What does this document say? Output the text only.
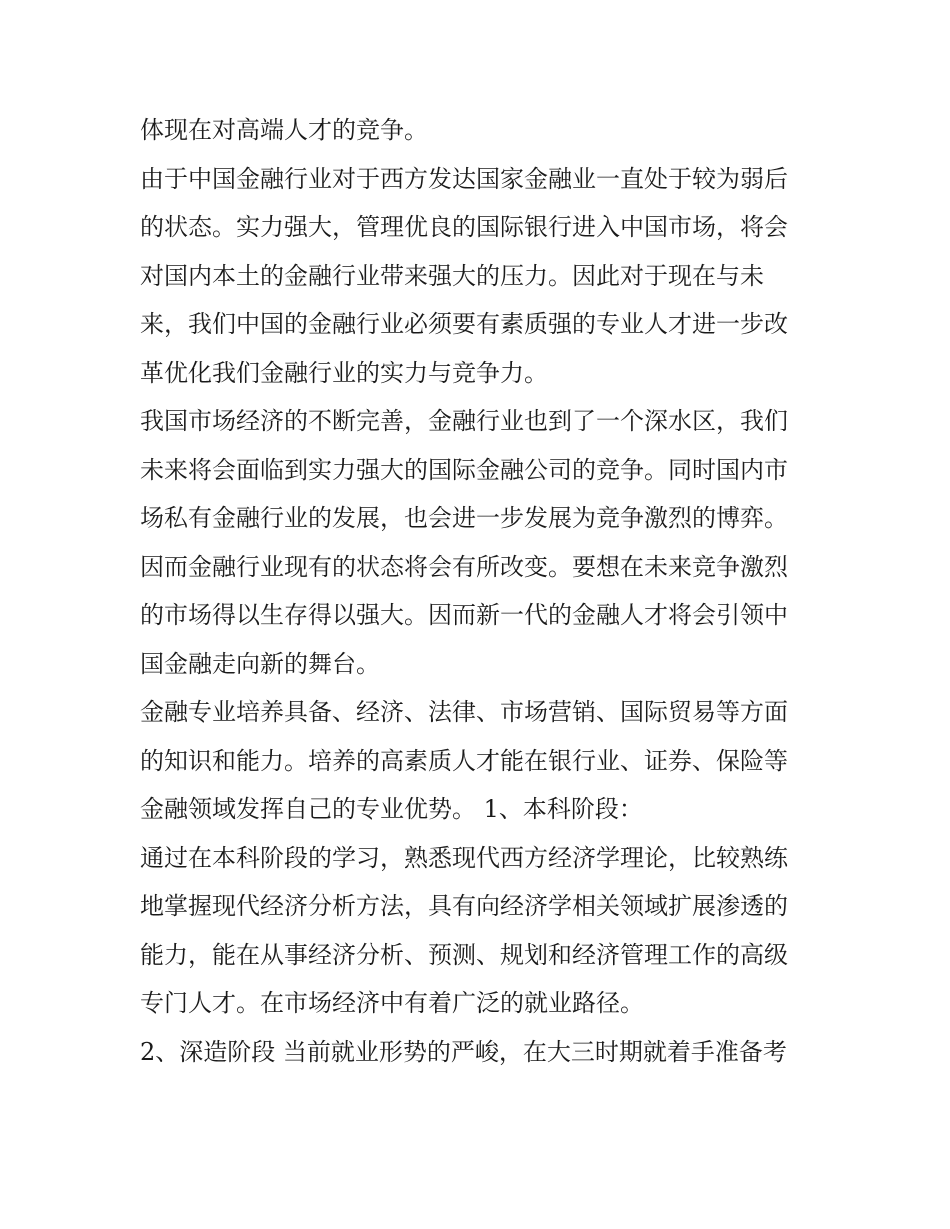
体现在对高端人才的竞争。
由于中国金融行业对于西方发达国家金融业一直处于较为弱后
的状态。实力强大，管理优良的国际银行进入中国市场，将会
对国内本土的金融行业带来强大的压力。因此对于现在与未
来，我们中国的金融行业必须要有素质强的专业人才进一步改
革优化我们金融行业的实力与竞争力。
我国市场经济的不断完善，金融行业也到了一个深水区，我们
未来将会面临到实力强大的国际金融公司的竞争。同时国内市
场私有金融行业的发展，也会进一步发展为竞争激烈的博弈。
因而金融行业现有的状态将会有所改变。要想在未来竞争激烈
的市场得以生存得以强大。因而新一代的金融人才将会引领中
国金融走向新的舞台。
金融专业培养具备、经济、法律、市场营销、国际贸易等方面
的知识和能力。培养的高素质人才能在银行业、证券、保险等
金融领域发挥自己的专业优势。 1、本科阶段：
通过在本科阶段的学习，熟悉现代西方经济学理论，比较熟练
地掌握现代经济分析方法，具有向经济学相关领域扩展渗透的
能力，能在从事经济分析、预测、规划和经济管理工作的高级
专门人才。在市场经济中有着广泛的就业路径。
2、深造阶段 当前就业形势的严峻，在大三时期就着手准备考
